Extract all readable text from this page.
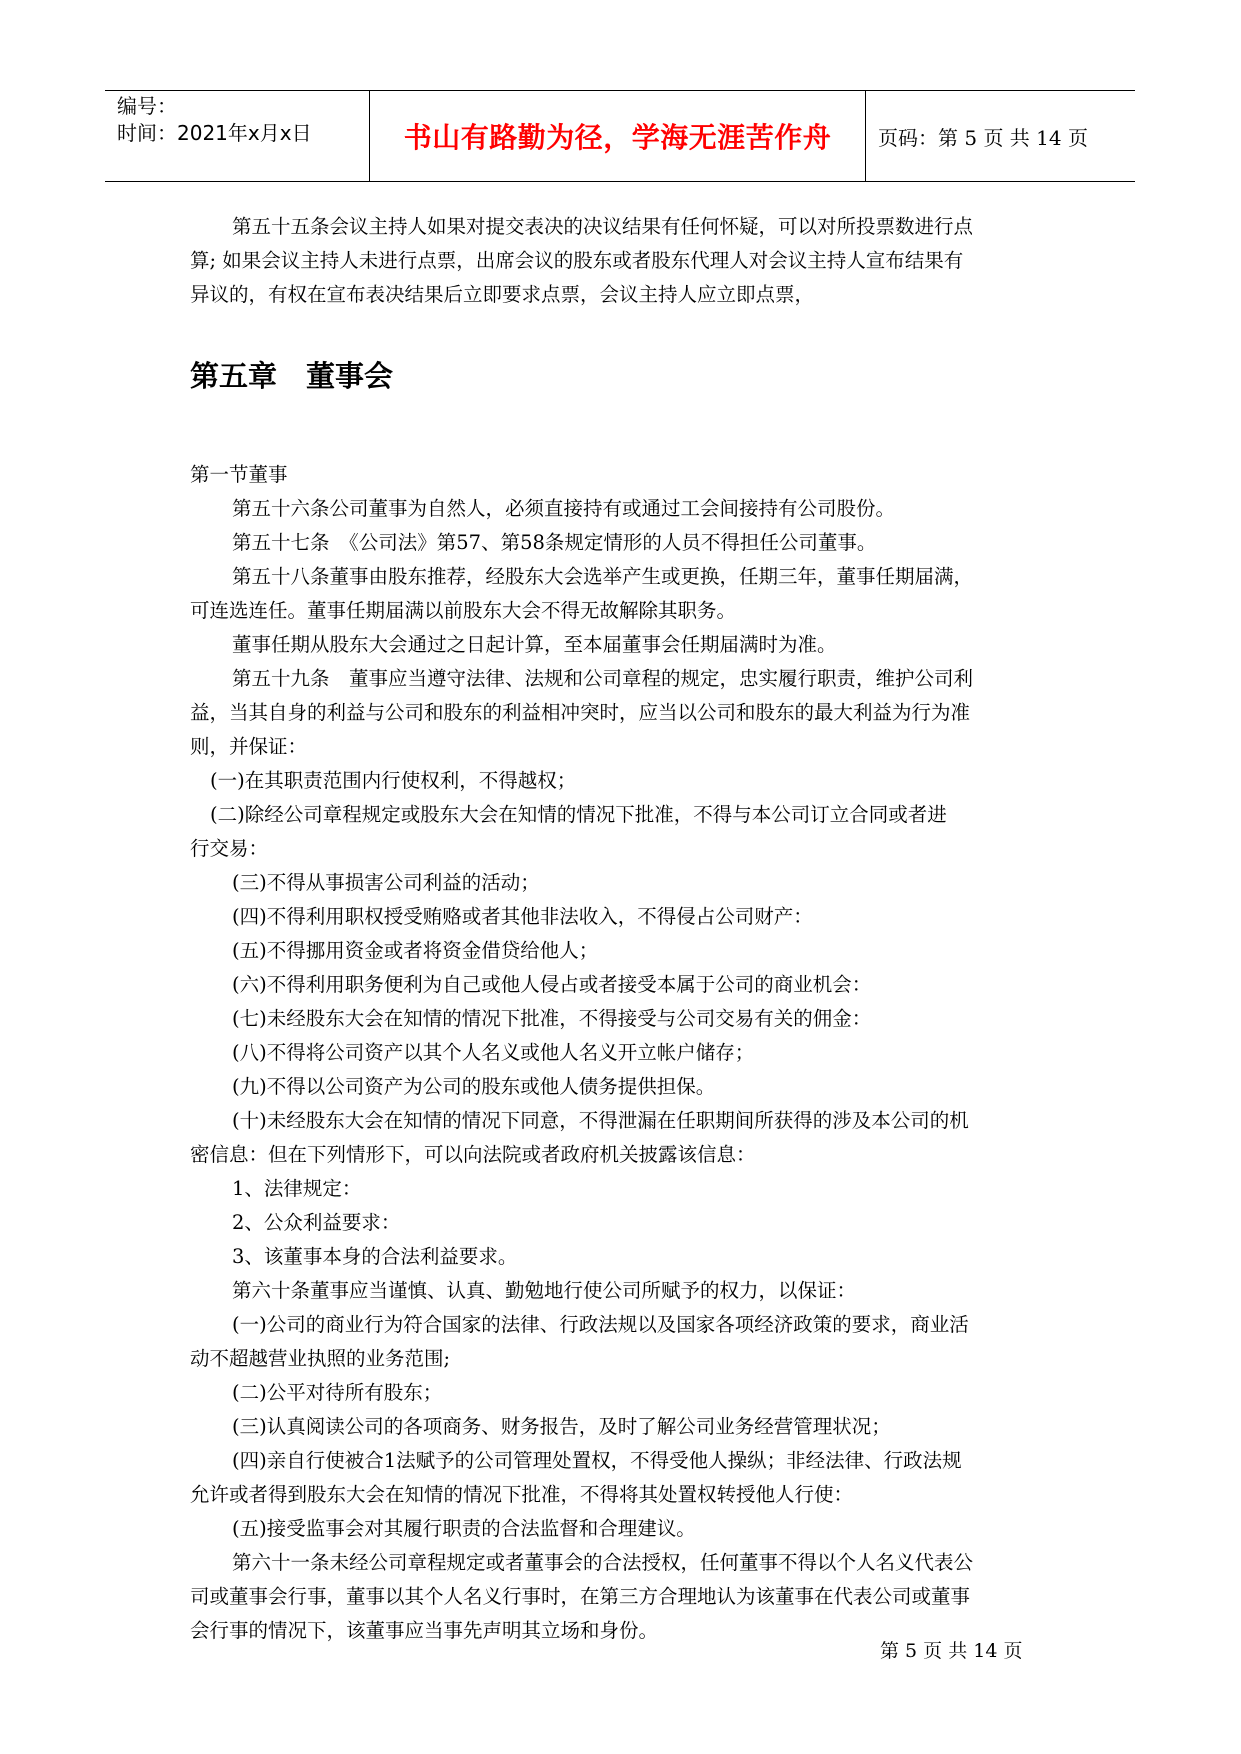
编号：
时间：2021年x月x日	书山有路勤为径，学海无涯苦作舟 页码：第 5 页 共 14 页
第五十五条会议主持人如果对提交表决的决议结果有任何怀疑，可以对所投票数进行点
算; 如果会议主持人未进行点票，出席会议的股东或者股东代理人对会议主持人宣布结果有
异议的，有权在宣布表决结果后立即要求点票，会议主持人应立即点票，
第五章　董事会
第一节董事
第五十六条公司董事为自然人，必须直接持有或通过工会间接持有公司股份。
第五十七条　《公司法》第57、第58条规定情形的人员不得担任公司董事。
第五十八条董事由股东推荐，经股东大会选举产生或更换，任期三年，董事任期届满，
可连选连任。董事任期届满以前股东大会不得无故解除其职务。
董事任期从股东大会通过之日起计算，至本届董事会任期届满时为准。
第五十九条　董事应当遵守法律、法规和公司章程的规定，忠实履行职责，维护公司利
益，当其自身的利益与公司和股东的利益相冲突时，应当以公司和股东的最大利益为行为准
则，并保证：
(一)在其职责范围内行使权利，不得越权；
(二)除经公司章程规定或股东大会在知情的情况下批准，不得与本公司订立合同或者进
行交易：
(三)不得从事损害公司利益的活动；
(四)不得利用职权授受贿赂或者其他非法收入，不得侵占公司财产：
(五)不得挪用资金或者将资金借贷给他人；
(六)不得利用职务便利为自己或他人侵占或者接受本属于公司的商业机会：
(七)未经股东大会在知情的情况下批准，不得接受与公司交易有关的佣金：
(八)不得将公司资产以其个人名义或他人名义开立帐户储存；
(九)不得以公司资产为公司的股东或他人债务提供担保。
(十)未经股东大会在知情的情况下同意，不得泄漏在任职期间所获得的涉及本公司的机
密信息：但在下列情形下，可以向法院或者政府机关披露该信息：
1、法律规定：
2、公众利益要求：
3、该董事本身的合法利益要求。
第六十条董事应当谨慎、认真、勤勉地行使公司所赋予的权力，以保证：
(一)公司的商业行为符合国家的法律、行政法规以及国家各项经济政策的要求，商业活
动不超越营业执照的业务范围;
(二)公平对待所有股东；
(三)认真阅读公司的各项商务、财务报告，及时了解公司业务经营管理状况；
(四)亲自行使被合1法赋予的公司管理处置权，不得受他人操纵；非经法律、行政法规
允许或者得到股东大会在知情的情况下批准，不得将其处置权转授他人行使：
(五)接受监事会对其履行职责的合法监督和合理建议。
第六十一条未经公司章程规定或者董事会的合法授权，任何董事不得以个人名义代表公
司或董事会行事，董事以其个人名义行事时，在第三方合理地认为该董事在代表公司或董事
会行事的情况下，该董事应当事先声明其立场和身份。
第 5 页 共 14 页
